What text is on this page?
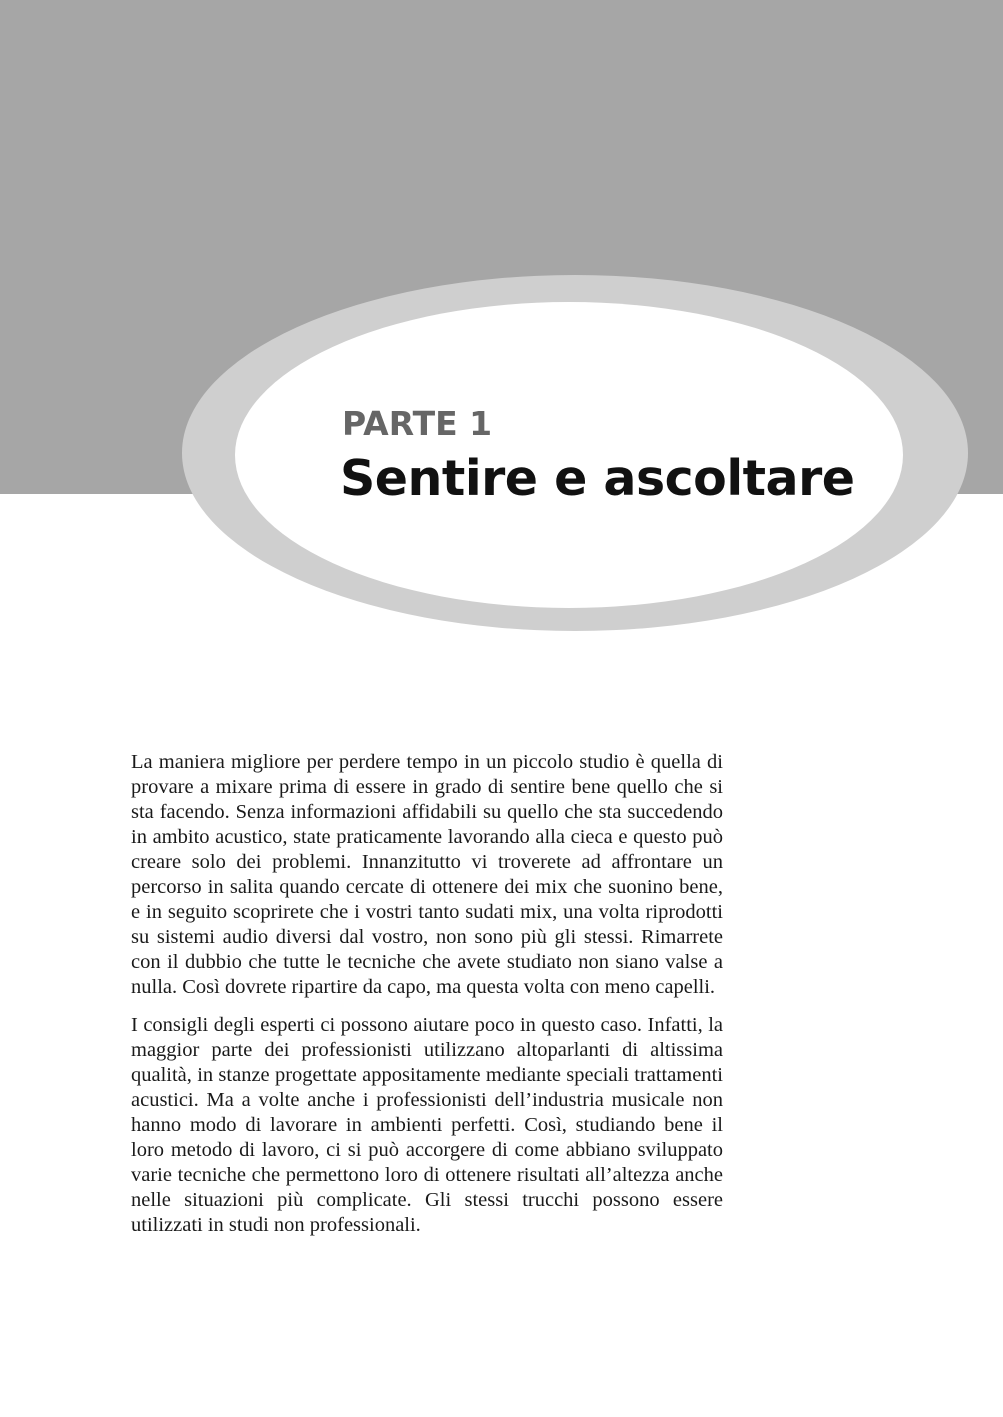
PARTE 1
Sentire e ascoltare

La maniera migliore per perdere tempo in un piccolo studio è quella di provare a mixare prima di essere in grado di sentire bene quello che si sta facendo. Senza informazioni affidabili su quello che sta succedendo in ambito acustico, state praticamente lavorando alla cieca e questo può creare solo dei problemi. Innanzitutto vi troverete ad affrontare un percorso in salita quando cercate di ottenere dei mix che suonino bene, e in seguito scoprirete che i vostri tanto sudati mix, una volta riprodotti su sistemi audio diversi dal vostro, non sono più gli stessi. Rimarrete con il dubbio che tutte le tecniche che avete studiato non siano valse a nulla. Così dovrete ripartire da capo, ma questa volta con meno capelli.

I consigli degli esperti ci possono aiutare poco in questo caso. Infatti, la maggior parte dei professionisti utilizzano altoparlanti di altissima qualità, in stanze progettate appositamente mediante speciali trattamenti acustici. Ma a volte anche i professionisti dell’industria musicale non hanno modo di lavorare in ambienti perfetti. Così, studiando bene il loro metodo di lavoro, ci si può accorgere di come abbiano sviluppato varie tecniche che permettono loro di ottenere risultati all’altezza anche nelle situazioni più complicate. Gli stessi trucchi possono essere utilizzati in studi non professionali.
